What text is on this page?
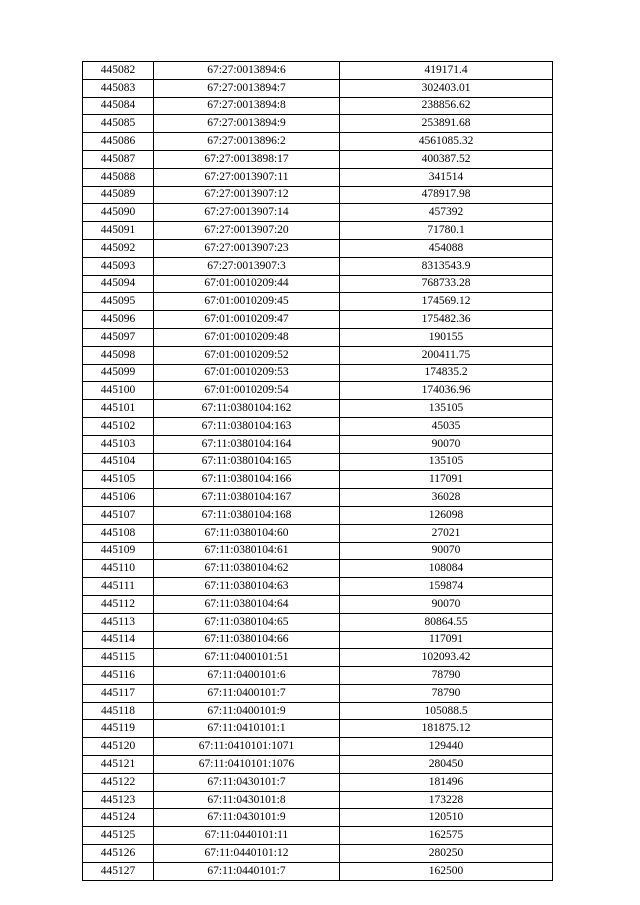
445082	67:27:0013894:6	419171.4
445083	67:27:0013894:7	302403.01
445084	67:27:0013894:8	238856.62
445085	67:27:0013894:9	253891.68
445086	67:27:0013896:2	4561085.32
445087	67:27:0013898:17	400387.52
445088	67:27:0013907:11	341514
445089	67:27:0013907:12	478917.98
445090	67:27:0013907:14	457392
445091	67:27:0013907:20	71780.1
445092	67:27:0013907:23	454088
445093	67:27:0013907:3	8313543.9
445094	67:01:0010209:44	768733.28
445095	67:01:0010209:45	174569.12
445096	67:01:0010209:47	175482.36
445097	67:01:0010209:48	190155
445098	67:01:0010209:52	200411.75
445099	67:01:0010209:53	174835.2
445100	67:01:0010209:54	174036.96
445101	67:11:0380104:162	135105
445102	67:11:0380104:163	45035
445103	67:11:0380104:164	90070
445104	67:11:0380104:165	135105
445105	67:11:0380104:166	117091
445106	67:11:0380104:167	36028
445107	67:11:0380104:168	126098
445108	67:11:0380104:60	27021
445109	67:11:0380104:61	90070
445110	67:11:0380104:62	108084
445111	67:11:0380104:63	159874
445112	67:11:0380104:64	90070
445113	67:11:0380104:65	80864.55
445114	67:11:0380104:66	117091
445115	67:11:0400101:51	102093.42
445116	67:11:0400101:6	78790
445117	67:11:0400101:7	78790
445118	67:11:0400101:9	105088.5
445119	67:11:0410101:1	181875.12
445120	67:11:0410101:1071	129440
445121	67:11:0410101:1076	280450
445122	67:11:0430101:7	181496
445123	67:11:0430101:8	173228
445124	67:11:0430101:9	120510
445125	67:11:0440101:11	162575
445126	67:11:0440101:12	280250
445127	67:11:0440101:7	162500
